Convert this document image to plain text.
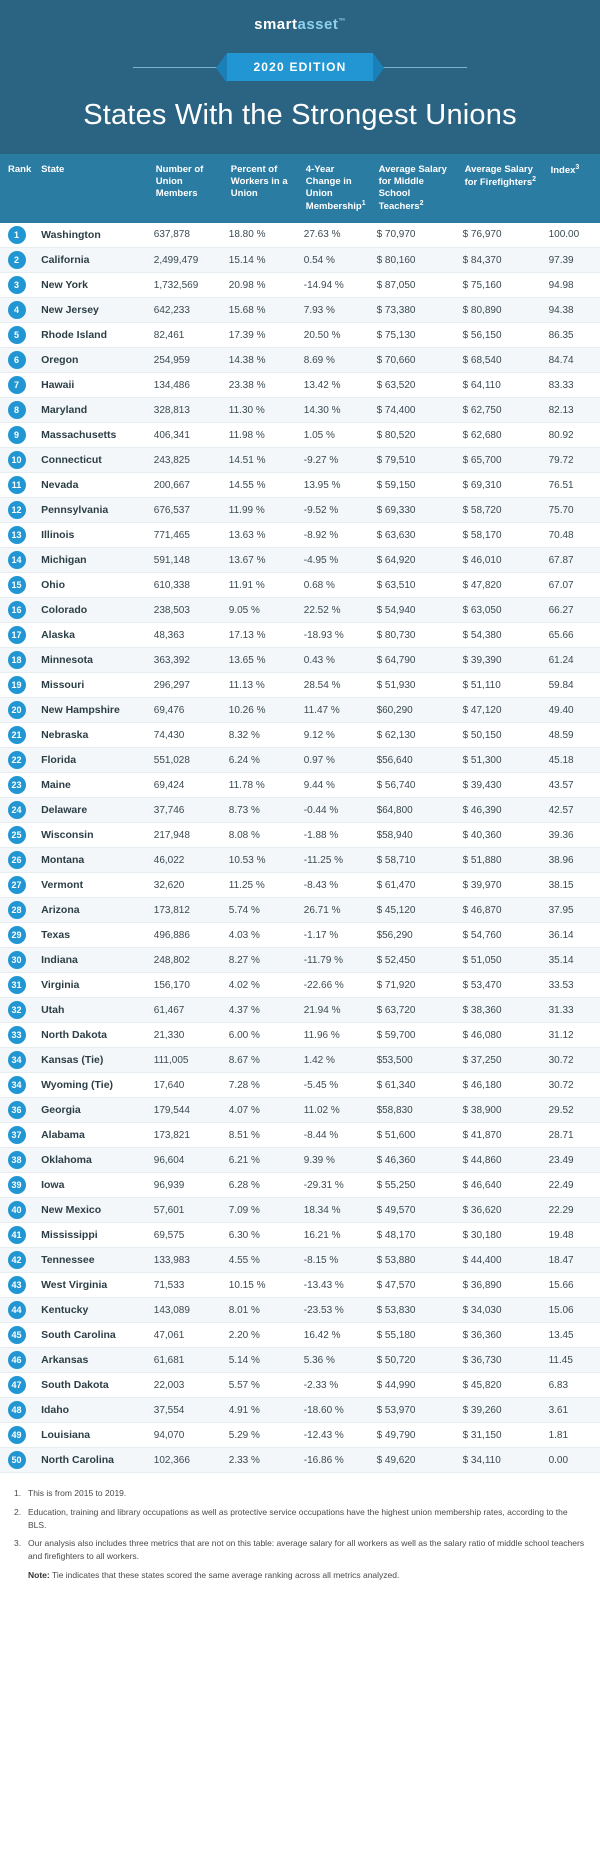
smartasset™
2020 EDITION
States With the Strongest Unions
Rank	State	Number of Union Members	Percent of Workers in a Union	4-Year Change in Union Membership$^1$	Average Salary for Middle School Teachers$^2$	Average Salary for Firefighters$^2$	Index$^3$
1	Washington	637,878	18.80 %	27.63 %	$ 70,970	$ 76,970	100.00
2	California	2,499,479	15.14 %	0.54 %	$ 80,160	$ 84,370	97.39
3	New York	1,732,569	20.98 %	-14.94 %	$ 87,050	$ 75,160	94.98
4	New Jersey	642,233	15.68 %	7.93 %	$ 73,380	$ 80,890	94.38
5	Rhode Island	82,461	17.39 %	20.50 %	$ 75,130	$ 56,150	86.35
6	Oregon	254,959	14.38 %	8.69 %	$ 70,660	$ 68,540	84.74
7	Hawaii	134,486	23.38 %	13.42 %	$ 63,520	$ 64,110	83.33
8	Maryland	328,813	11.30 %	14.30 %	$ 74,400	$ 62,750	82.13
9	Massachusetts	406,341	11.98 %	1.05 %	$ 80,520	$ 62,680	80.92
10	Connecticut	243,825	14.51 %	-9.27 %	$ 79,510	$ 65,700	79.72
11	Nevada	200,667	14.55 %	13.95 %	$ 59,150	$ 69,310	76.51
12	Pennsylvania	676,537	11.99 %	-9.52 %	$ 69,330	$ 58,720	75.70
13	Illinois	771,465	13.63 %	-8.92 %	$ 63,630	$ 58,170	70.48
14	Michigan	591,148	13.67 %	-4.95 %	$ 64,920	$ 46,010	67.87
15	Ohio	610,338	11.91 %	0.68 %	$ 63,510	$ 47,820	67.07
16	Colorado	238,503	9.05 %	22.52 %	$ 54,940	$ 63,050	66.27
17	Alaska	48,363	17.13 %	-18.93 %	$ 80,730	$ 54,380	65.66
18	Minnesota	363,392	13.65 %	0.43 %	$ 64,790	$ 39,390	61.24
19	Missouri	296,297	11.13 %	28.54 %	$ 51,930	$ 51,110	59.84
20	New Hampshire	69,476	10.26 %	11.47 %	$60,290	$ 47,120	49.40
21	Nebraska	74,430	8.32 %	9.12 %	$ 62,130	$ 50,150	48.59
22	Florida	551,028	6.24 %	0.97 %	$56,640	$ 51,300	45.18
23	Maine	69,424	11.78 %	9.44 %	$ 56,740	$ 39,430	43.57
24	Delaware	37,746	8.73 %	-0.44 %	$64,800	$ 46,390	42.57
25	Wisconsin	217,948	8.08 %	-1.88 %	$58,940	$ 40,360	39.36
26	Montana	46,022	10.53 %	-11.25 %	$ 58,710	$ 51,880	38.96
27	Vermont	32,620	11.25 %	-8.43 %	$ 61,470	$ 39,970	38.15
28	Arizona	173,812	5.74 %	26.71 %	$ 45,120	$ 46,870	37.95
29	Texas	496,886	4.03 %	-1.17 %	$56,290	$ 54,760	36.14
30	Indiana	248,802	8.27 %	-11.79 %	$ 52,450	$ 51,050	35.14
31	Virginia	156,170	4.02 %	-22.66 %	$ 71,920	$ 53,470	33.53
32	Utah	61,467	4.37 %	21.94 %	$ 63,720	$ 38,360	31.33
33	North Dakota	21,330	6.00 %	11.96 %	$ 59,700	$ 46,080	31.12
34	Kansas (Tie)	111,005	8.67 %	1.42 %	$53,500	$ 37,250	30.72
34	Wyoming (Tie)	17,640	7.28 %	-5.45 %	$ 61,340	$ 46,180	30.72
36	Georgia	179,544	4.07 %	11.02 %	$58,830	$ 38,900	29.52
37	Alabama	173,821	8.51 %	-8.44 %	$ 51,600	$ 41,870	28.71
38	Oklahoma	96,604	6.21 %	9.39 %	$ 46,360	$ 44,860	23.49
39	Iowa	96,939	6.28 %	-29.31 %	$ 55,250	$ 46,640	22.49
40	New Mexico	57,601	7.09 %	18.34 %	$ 49,570	$ 36,620	22.29
41	Mississippi	69,575	6.30 %	16.21 %	$ 48,170	$ 30,180	19.48
42	Tennessee	133,983	4.55 %	-8.15 %	$ 53,880	$ 44,400	18.47
43	West Virginia	71,533	10.15 %	-13.43 %	$ 47,570	$ 36,890	15.66
44	Kentucky	143,089	8.01 %	-23.53 %	$ 53,830	$ 34,030	15.06
45	South Carolina	47,061	2.20 %	16.42 %	$ 55,180	$ 36,360	13.45
46	Arkansas	61,681	5.14 %	5.36 %	$ 50,720	$ 36,730	11.45
47	South Dakota	22,003	5.57 %	-2.33 %	$ 44,990	$ 45,820	6.83
48	Idaho	37,554	4.91 %	-18.60 %	$ 53,970	$ 39,260	3.61
49	Louisiana	94,070	5.29 %	-12.43 %	$ 49,790	$ 31,150	1.81
50	North Carolina	102,366	2.33 %	-16.86 %	$ 49,620	$ 34,110	0.00
1. This is from 2015 to 2019.
2. Education, training and library occupations as well as protective service occupations have the highest union membership rates, according to the BLS.
3. Our analysis also includes three metrics that are not on this table: average salary for all workers as well as the salary ratio of middle school teachers and firefighters to all workers.
Note: Tie indicates that these states scored the same average ranking across all metrics analyzed.
